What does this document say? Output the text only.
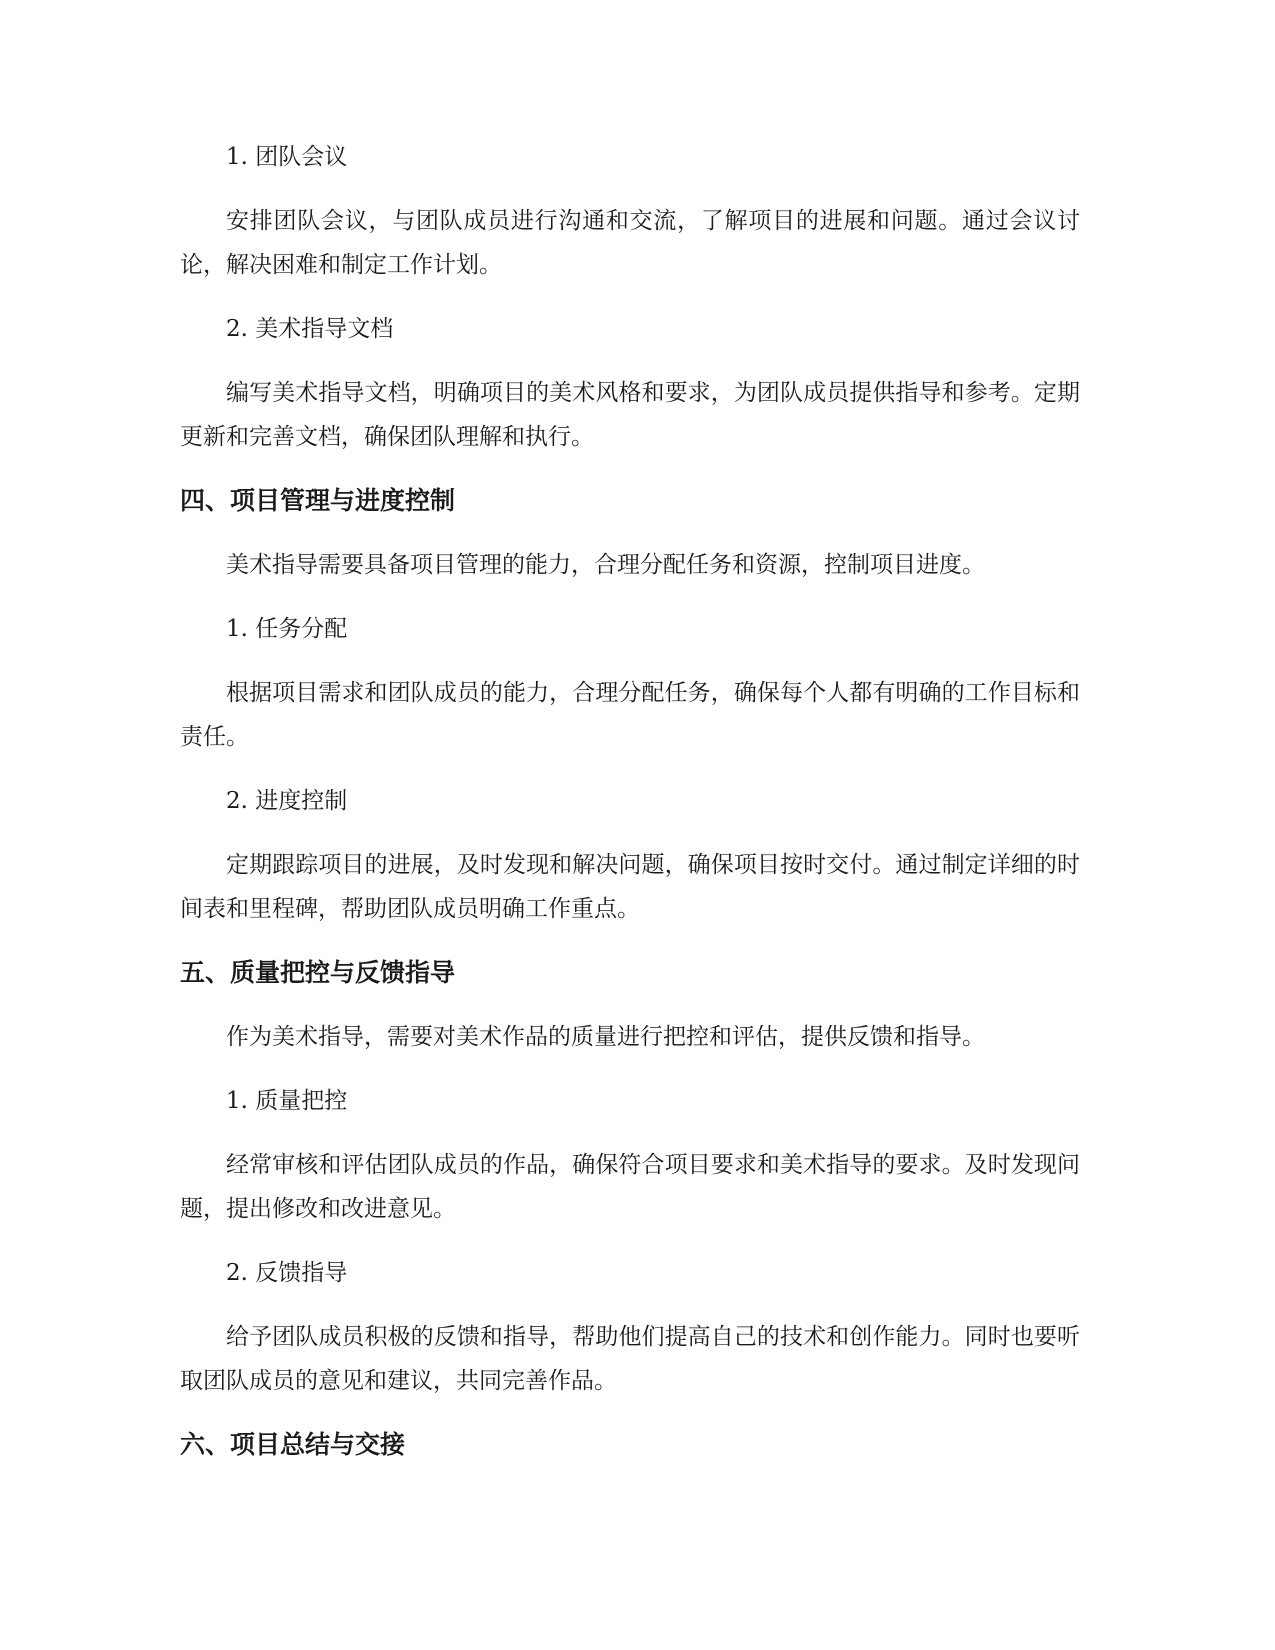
1. 团队会议

安排团队会议，与团队成员进行沟通和交流，了解项目的进展和问题。通过会议讨论，解决困难和制定工作计划。

2. 美术指导文档

编写美术指导文档，明确项目的美术风格和要求，为团队成员提供指导和参考。定期更新和完善文档，确保团队理解和执行。

四、项目管理与进度控制

美术指导需要具备项目管理的能力，合理分配任务和资源，控制项目进度。

1. 任务分配

根据项目需求和团队成员的能力，合理分配任务，确保每个人都有明确的工作目标和责任。

2. 进度控制

定期跟踪项目的进展，及时发现和解决问题，确保项目按时交付。通过制定详细的时间表和里程碑，帮助团队成员明确工作重点。

五、质量把控与反馈指导

作为美术指导，需要对美术作品的质量进行把控和评估，提供反馈和指导。

1. 质量把控

经常审核和评估团队成员的作品，确保符合项目要求和美术指导的要求。及时发现问题，提出修改和改进意见。

2. 反馈指导

给予团队成员积极的反馈和指导，帮助他们提高自己的技术和创作能力。同时也要听取团队成员的意见和建议，共同完善作品。

六、项目总结与交接
